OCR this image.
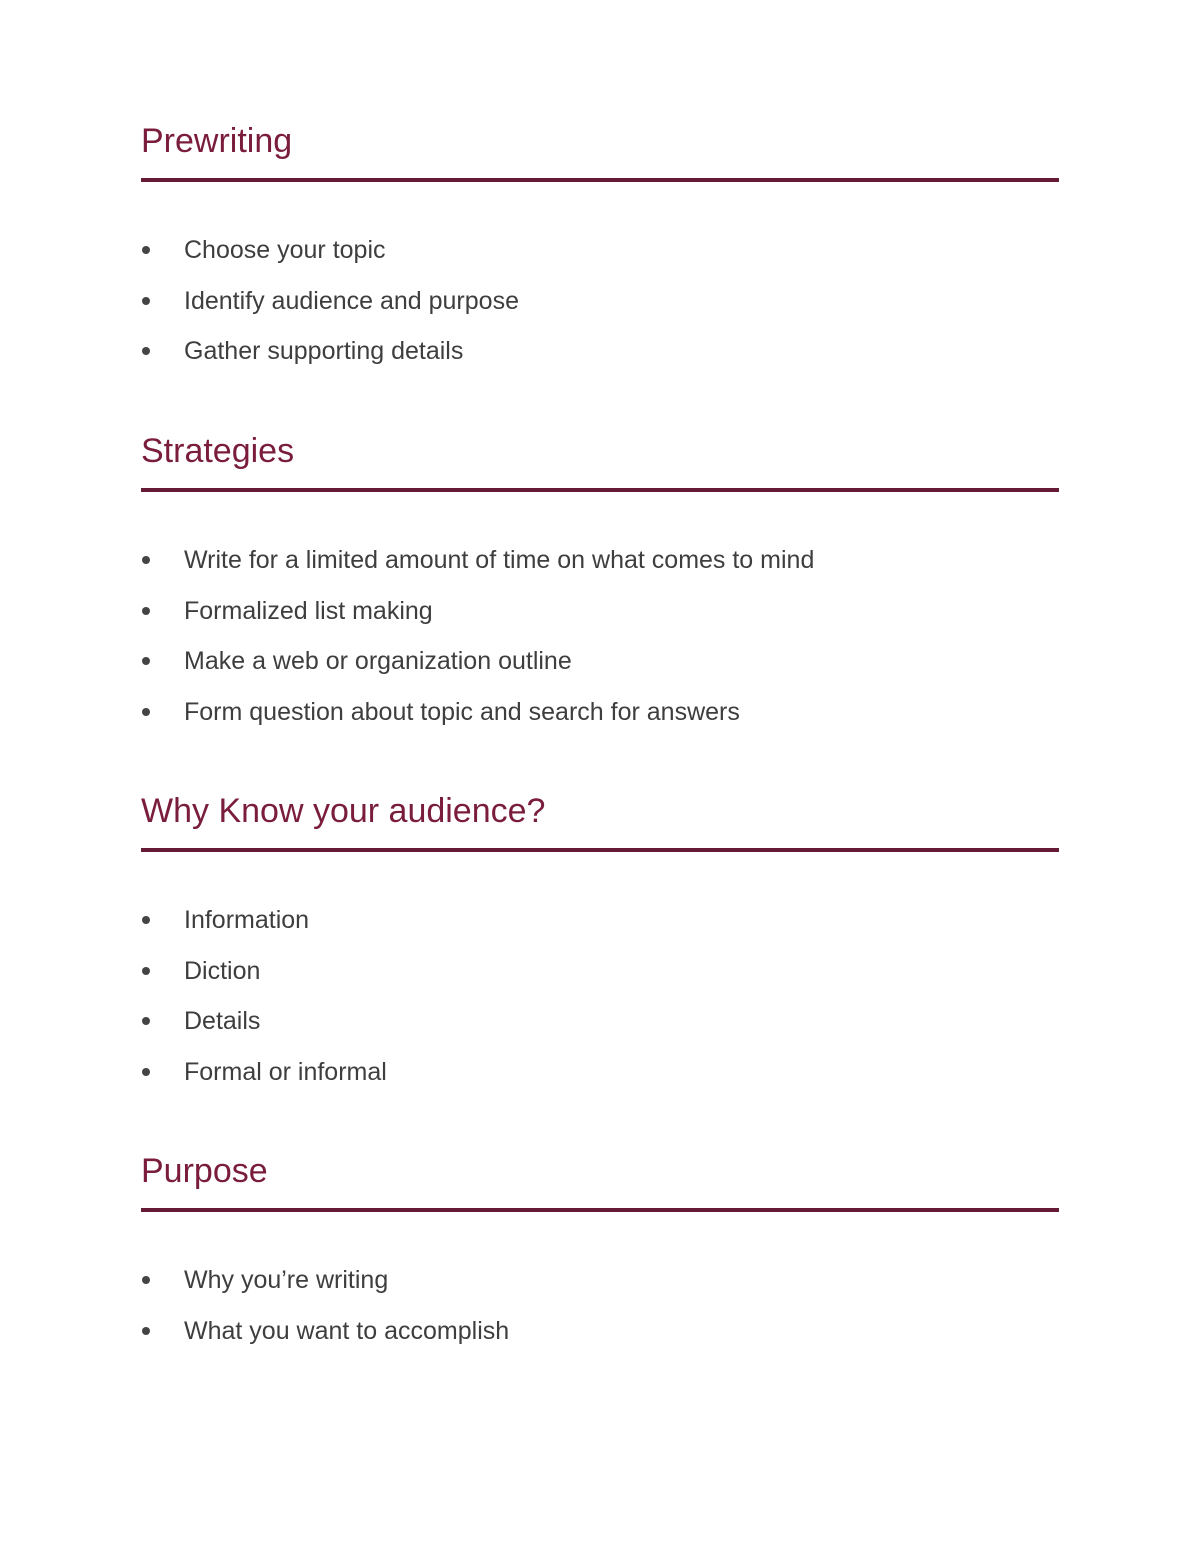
Prewriting
Choose your topic
Identify audience and purpose
Gather supporting details
Strategies
Write for a limited amount of time on what comes to mind
Formalized list making
Make a web or organization outline
Form question about topic and search for answers
Why Know your audience?
Information
Diction
Details
Formal or informal
Purpose
Why you’re writing
What you want to accomplish
